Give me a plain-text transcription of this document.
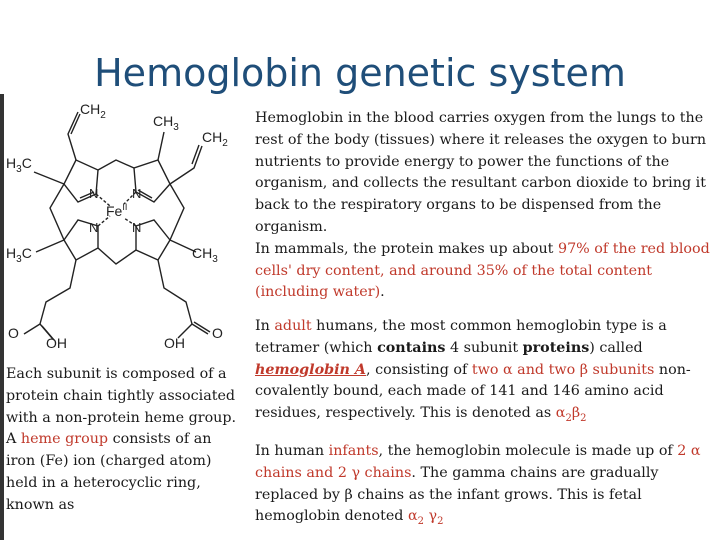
Hemoglobin genetic system
$CH_2$	$CH_3$
$CH_2$
$H_3C$
$H_3C$	$CH_3$
$Fe^{II}$
N	N
N	N
O
OH	OH
O

Each subunit is composed of a protein chain tightly associated with a non-protein heme group. A heme group consists of an iron (Fe) ion (charged atom) held in a heterocyclic ring, known as

Hemoglobin in the blood carries oxygen from the lungs to the rest of the body (tissues) where it releases the oxygen to burn nutrients to provide energy to power the functions of the organism, and collects the resultant carbon dioxide to bring it back to the respiratory organs to be dispensed from the organism.
In mammals, the protein makes up about 97% of the red blood cells' dry content, and around 35% of the total content (including water).

In adult humans, the most common hemoglobin type is a tetramer (which contains 4 subunit proteins) called hemoglobin A, consisting of two α and two β subunits non-covalently bound, each made of 141 and 146 amino acid residues, respectively. This is denoted as $\alpha_2\beta_2$

In human infants, the hemoglobin molecule is made up of 2 α chains and 2 γ chains. The gamma chains are gradually replaced by β chains as the infant grows. This is fetal hemoglobin denoted $\alpha_2$ $\gamma_2$
